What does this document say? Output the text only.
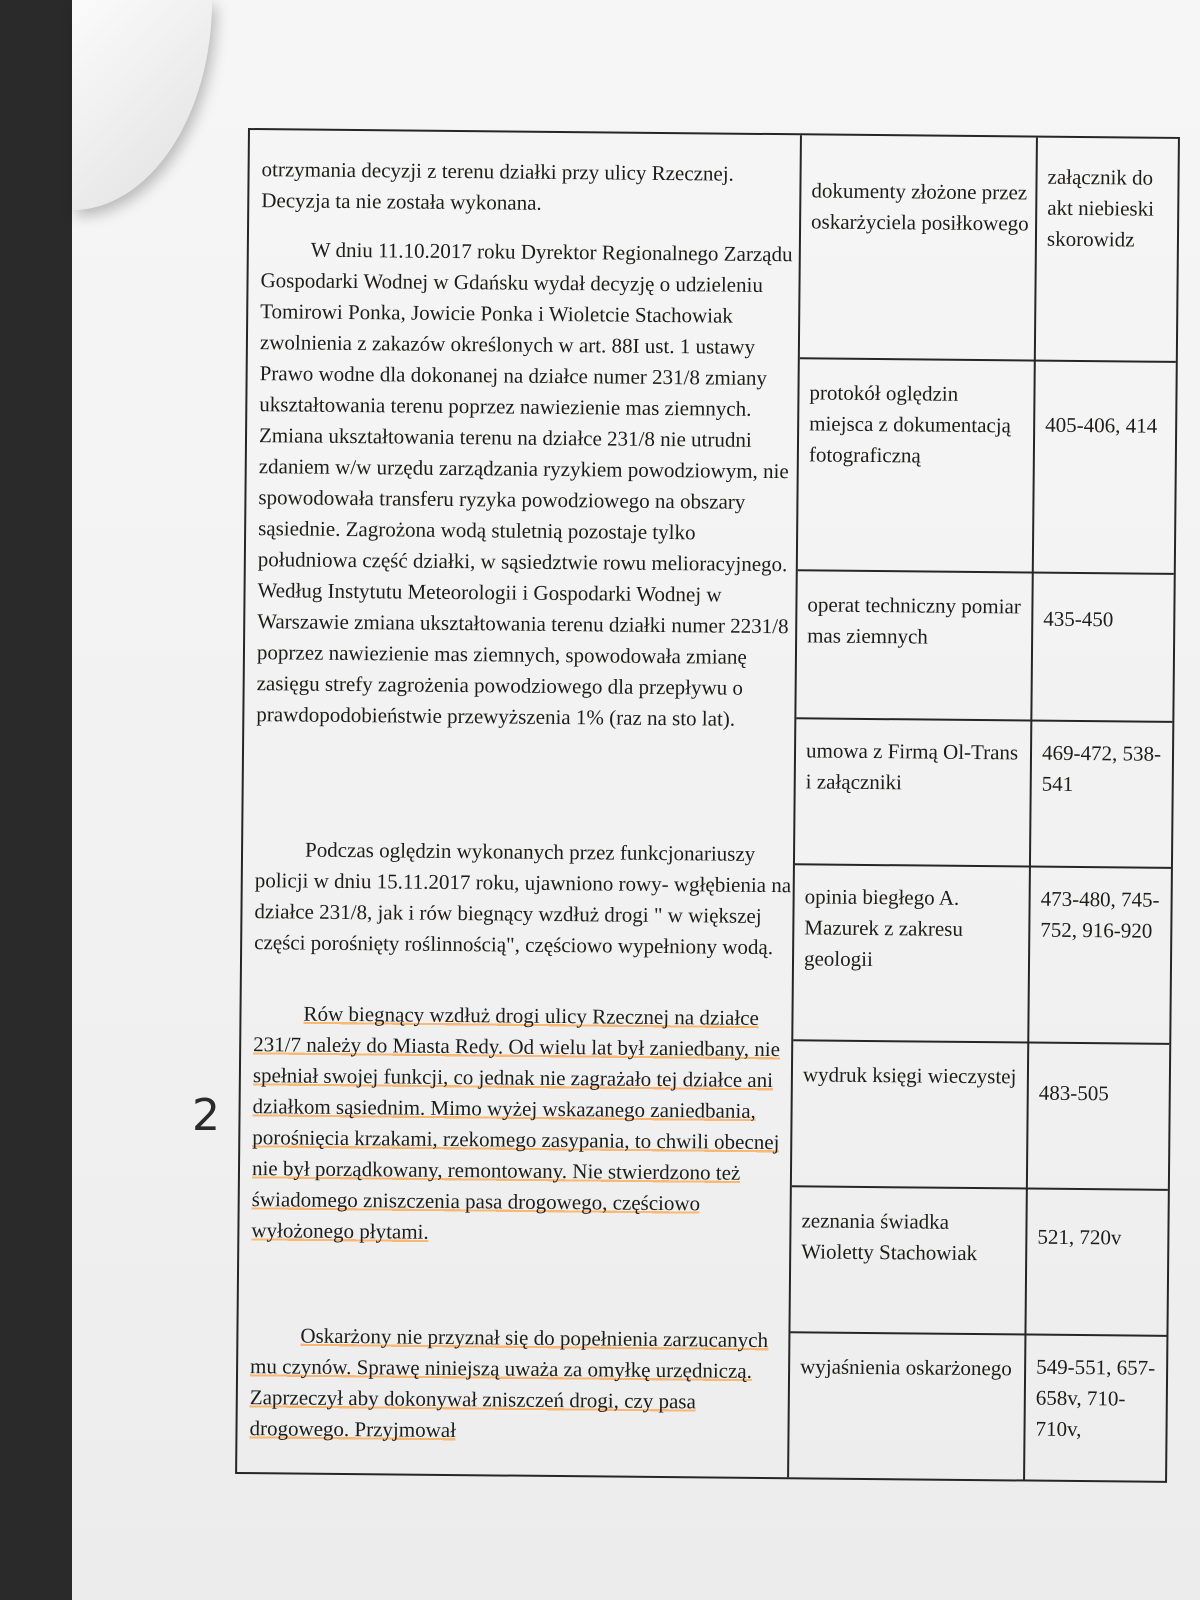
otrzymania decyzji z terenu działki przy ulicy Rzecznej. Decyzja ta nie została wykonana.

W dniu 11.10.2017 roku Dyrektor Regionalnego Zarządu Gospodarki Wodnej w Gdańsku wydał decyzję o udzieleniu Tomirowi Ponka, Jowicie Ponka i Wioletcie Stachowiak zwolnienia z zakazów określonych w art. 88I ust. 1 ustawy Prawo wodne dla dokonanej na działce numer 231/8 zmiany ukształtowania terenu poprzez nawiezienie mas ziemnych. Zmiana ukształtowania terenu na działce 231/8 nie utrudni zdaniem w/w urzędu zarządzania ryzykiem powodziowym, nie spowodowała transferu ryzyka powodziowego na obszary sąsiednie. Zagrożona wodą stuletnią pozostaje tylko południowa część działki, w sąsiedztwie rowu melioracyjnego. Według Instytutu Meteorologii i Gospodarki Wodnej w Warszawie zmiana ukształtowania terenu działki numer 2231/8 poprzez nawiezienie mas ziemnych, spowodowała zmianę zasięgu strefy zagrożenia powodziowego dla przepływu o prawdopodobieństwie przewyższenia 1% (raz na sto lat).

Podczas oględzin wykonanych przez funkcjonariuszy policji w dniu 15.11.2017 roku, ujawniono rowy- wgłębienia na działce 231/8, jak i rów biegnący wzdłuż drogi " w większej części porośnięty roślinnością", częściowo wypełniony wodą.

Rów biegnący wzdłuż drogi ulicy Rzecznej na działce 231/7 należy do Miasta Redy. Od wielu lat był zaniedbany, nie spełniał swojej funkcji, co jednak nie zagrażało tej działce ani działkom sąsiednim. Mimo wyżej wskazanego zaniedbania, porośnięcia krzakami, rzekomego zasypania, to chwili obecnej nie był porządkowany, remontowany. Nie stwierdzono też świadomego zniszczenia pasa drogowego, częściowo wyłożonego płytami.

Oskarżony nie przyznał się do popełnienia zarzucanych mu czynów. Sprawę niniejszą uważa za omyłkę urzędniczą. Zaprzeczył aby dokonywał zniszczeń drogi, czy pasa drogowego. Przyjmował

dokumenty złożone przez oskarżyciela posiłkowego

protokół oględzin miejsca z dokumentacją fotograficzną

operat techniczny pomiar mas ziemnych

umowa z Firmą Ol-Trans i załączniki

opinia biegłego A. Mazurek z zakresu geologii

wydruk księgi wieczystej

zeznania świadka Wioletty Stachowiak

wyjaśnienia oskarżonego

załącznik do akt niebieski skorowidz

405-406, 414

435-450

469-472, 538-541

473-480, 745-752, 916-920

483-505

521, 720v

549-551, 657-658v, 710-710v,

2
